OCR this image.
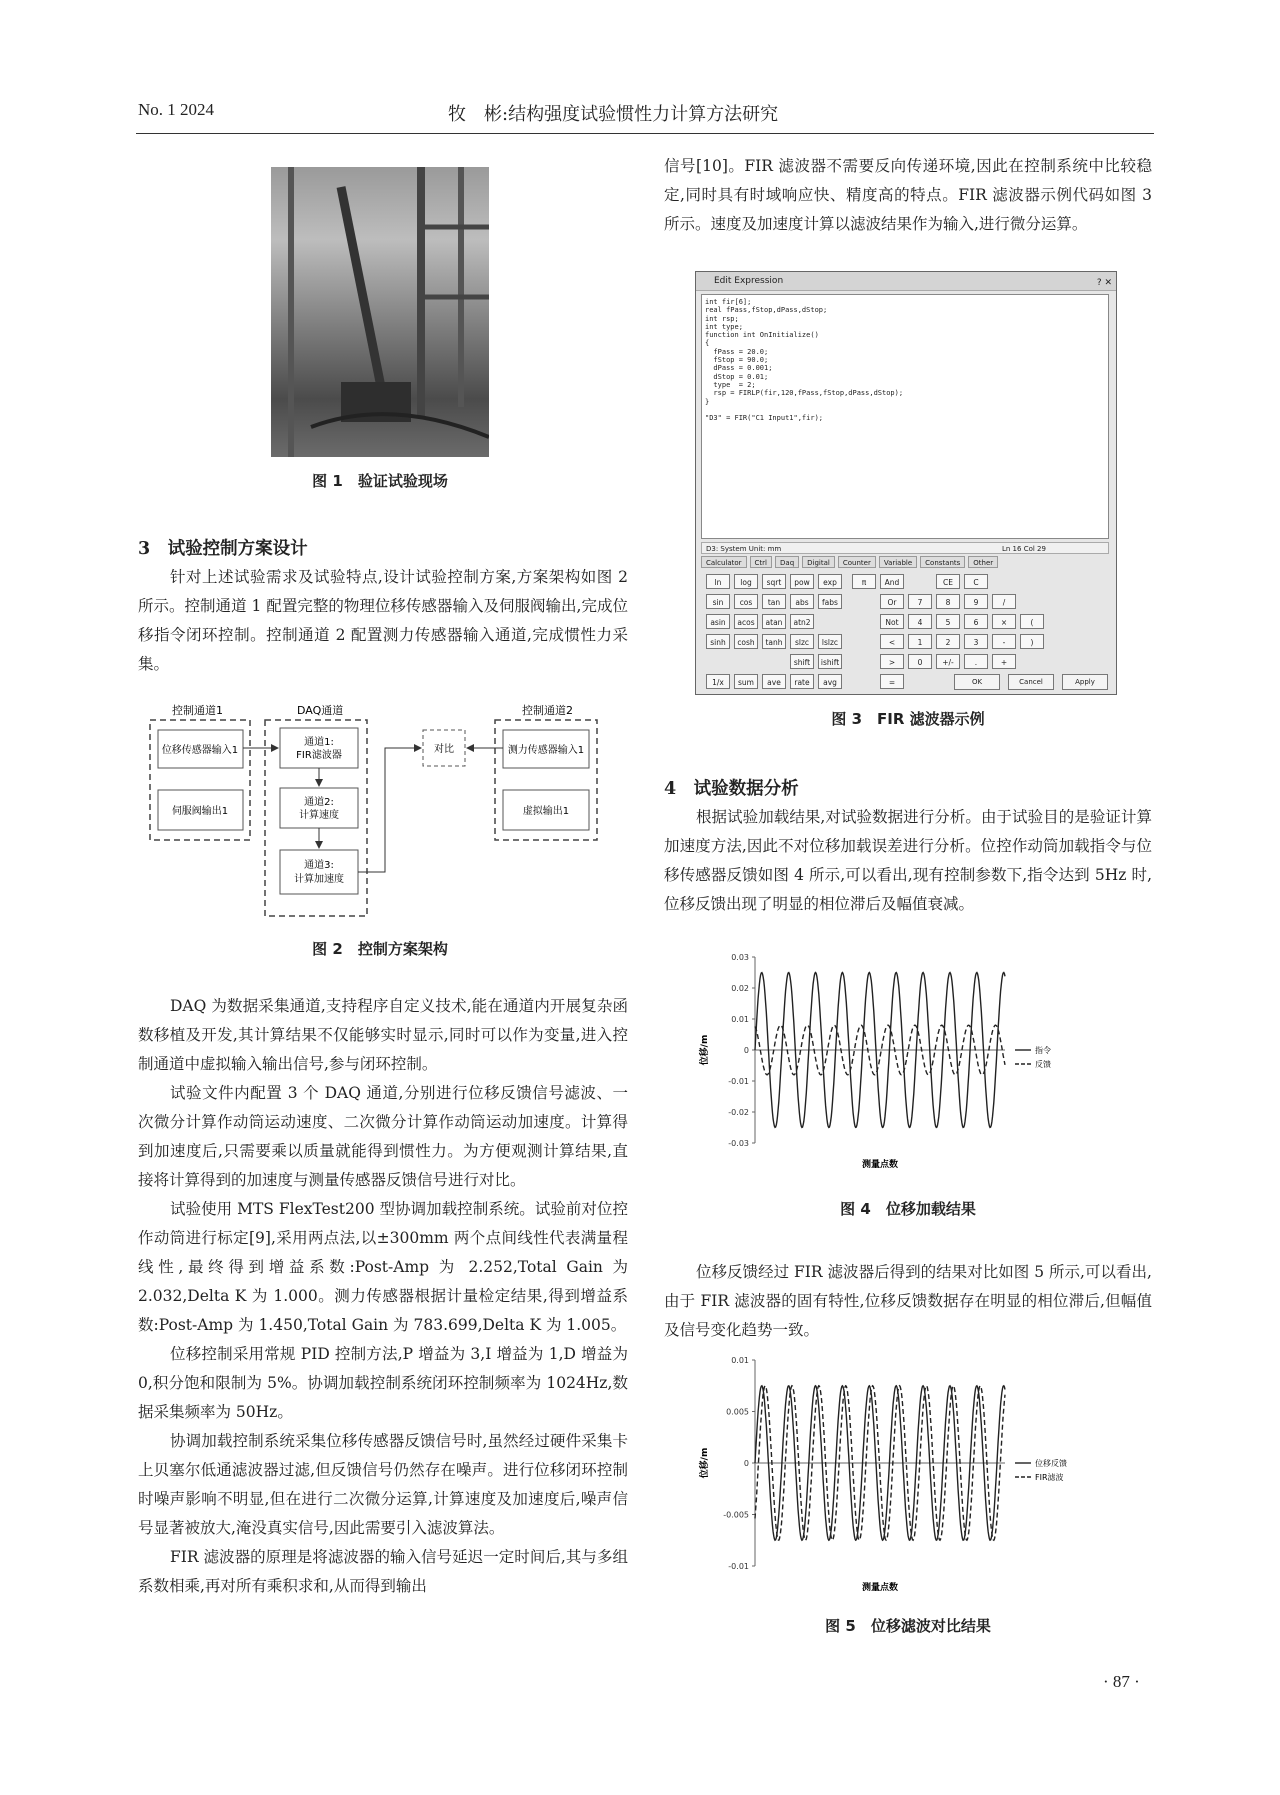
No. 1 2024	牧　彬:结构强度试验惯性力计算方法研究
图 1　验证试验现场
3　试验控制方案设计

针对上述试验需求及试验特点,设计试验控制方案,方案架构如图 2 所示。控制通道 1 配置完整的物理位移传感器输入及伺服阀输出,完成位移指令闭环控制。控制通道 2 配置测力传感器输入通道,完成惯性力采集。

控制通道1	DAQ通道	控制通道2
位移传感器输入1
伺服阀输出1
通道1:
FIR滤波器
通道2:
计算速度
通道3:
计算加速度
对比	测力传感器输入1
虚拟输出1
图 2　控制方案架构

DAQ 为数据采集通道,支持程序自定义技术,能在通道内开展复杂函数移植及开发,其计算结果不仅能够实时显示,同时可以作为变量,进入控制通道中虚拟输入输出信号,参与闭环控制。

试验文件内配置 3 个 DAQ 通道,分别进行位移反馈信号滤波、一次微分计算作动筒运动速度、二次微分计算作动筒运动加速度。计算得到加速度后,只需要乘以质量就能得到惯性力。为方便观测计算结果,直接将计算得到的加速度与测量传感器反馈信号进行对比。

试验使用 MTS FlexTest200 型协调加载控制系统。试验前对位控作动筒进行标定[9],采用两点法,以±300mm 两个点间线性代表满量程线性,最终得到增益系数:Post-Amp 为 2.252,Total Gain 为 2.032,Delta K 为 1.000。测力传感器根据计量检定结果,得到增益系数:Post-Amp 为 1.450,Total Gain 为 783.699,Delta K 为 1.005。

位移控制采用常规 PID 控制方法,P 增益为 3,I 增益为 1,D 增益为 0,积分饱和限制为 5%。协调加载控制系统闭环控制频率为 1024Hz,数据采集频率为 50Hz。

协调加载控制系统采集位移传感器反馈信号时,虽然经过硬件采集卡上贝塞尔低通滤波器过滤,但反馈信号仍然存在噪声。进行位移闭环控制时噪声影响不明显,但在进行二次微分运算,计算速度及加速度后,噪声信号显著被放大,淹没真实信号,因此需要引入滤波算法。

FIR 滤波器的原理是将滤波器的输入信号延迟一定时间后,其与多组系数相乘,再对所有乘积求和,从而得到输出

信号[10]。FIR 滤波器不需要反向传递环境,因此在控制系统中比较稳定,同时具有时域响应快、精度高的特点。FIR 滤波器示例代码如图 3 所示。速度及加速度计算以滤波结果作为输入,进行微分运算。

Edit Expression	? ✕
int fir[6];
real fPass,fStop,dPass,dStop;
int rsp;
int type;
function int OnInitialize()
{
fPass = 20.0;
fStop = 90.0;
dPass = 0.001;
dStop = 0.01;
type  = 2;
rsp = FIRLP(fir,120,fPass,fStop,dPass,dStop);
}

"D3" = FIR("C1 Input1",fir);
D3: System Unit: mm	Ln 16 Col 29
Calculator	Ctrl	Daq	Digital	Counter	Variable	Constants	Other
ln	log	sqrt	pow	exp	π	And	CE	C
sin	cos	tan	abs	fabs	Or	7	8	9	/
asin	acos	atan	atn2	Not	4	5	6	×	(
sinh	cosh	tanh	slzc	lslzc	<	1	2	3	-	)
shift	ishift	>	0	+/-	.	+
1/x	sum	ave	rate	avg	=	OK	Cancel	Apply
图 3　FIR 滤波器示例
4　试验数据分析

根据试验加载结果,对试验数据进行分析。由于试验目的是验证计算加速度方法,因此不对位移加载误差进行分析。位控作动筒加载指令与位移传感器反馈如图 4 所示,可以看出,现有控制参数下,指令达到 5Hz 时,位移反馈出现了明显的相位滞后及幅值衰减。

0.03
0.02
0.01
0
-0.01
-0.02
-0.03
位移/m
测量点数
指令
反馈
图 4　位移加载结果

位移反馈经过 FIR 滤波器后得到的结果对比如图 5 所示,可以看出,由于 FIR 滤波器的固有特性,位移反馈数据存在明显的相位滞后,但幅值及信号变化趋势一致。

0.01
0.005
0
-0.005
-0.01
位移/m
测量点数
位移反馈
FIR滤波
图 5　位移滤波对比结果
· 87 ·
